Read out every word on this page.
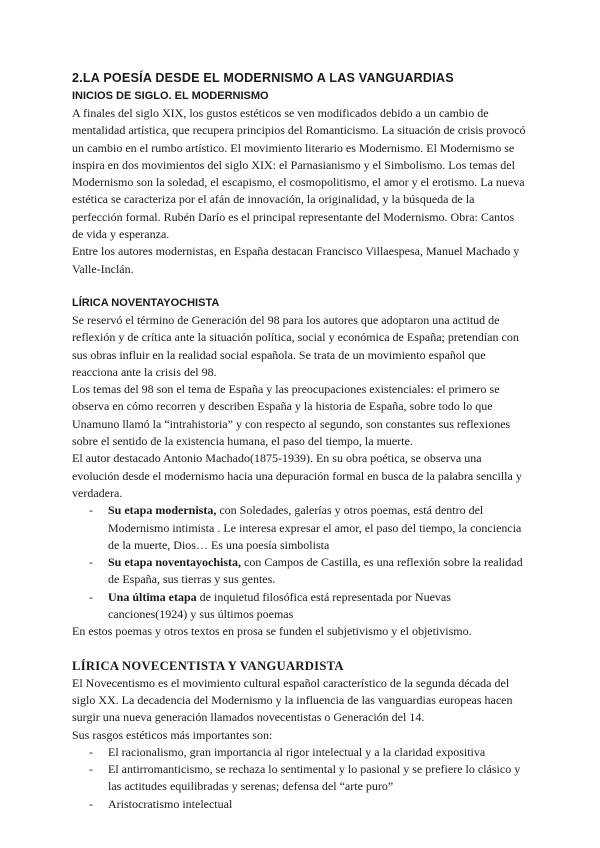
2.LA POESÍA DESDE EL MODERNISMO A LAS VANGUARDIAS
INICIOS DE SIGLO. EL MODERNISMO

A finales del siglo XIX, los gustos estéticos se ven modificados debido a un cambio de mentalidad artística, que recupera principios del Romanticismo. La situación de crisis provocó un cambio en el rumbo artístico. El movimiento literario es Modernismo. El Modernismo se inspira en dos movimientos del siglo XIX: el Parnasianismo y el Simbolismo. Los temas del Modernismo son la soledad, el escapismo, el cosmopolitismo, el amor y el erotismo. La nueva estética se caracteriza por el afán de innovación, la originalidad, y la búsqueda de la perfección formal. Rubén Darío es el principal representante del Modernismo. Obra: Cantos de vida y esperanza.

Entre los autores modernistas, en España destacan Francisco Villaespesa, Manuel Machado y Valle-Inclán.

LÍRICA NOVENTAYOCHISTA

Se reservó el término de Generación del 98 para los autores que adoptaron una actitud de reflexión y de crítica ante la situación política, social y económica de España; pretendían con sus obras influir en la realidad social española. Se trata de un movimiento español que reacciona ante la crisis del 98.

Los temas del 98 son el tema de España y las preocupaciones existenciales: el primero se observa en cómo recorren y describen España y la historia de España, sobre todo lo que Unamuno llamó la “intrahistoria” y con respecto al segundo, son constantes sus reflexiones sobre el sentido de la existencia humana, el paso del tiempo, la muerte.

El autor destacado Antonio Machado(1875-1939). En su obra poética, se observa una evolución desde el modernismo hacia una depuración formal en busca de la palabra sencilla y verdadera.

- Su etapa modernista, con Soledades, galerías y otros poemas, está dentro del Modernismo intimista . Le interesa expresar el amor, el paso del tiempo, la conciencia de la muerte, Dios… Es una poesía simbolista
- Su etapa noventayochista, con Campos de Castilla, es una reflexión sobre la realidad de España, sus tierras y sus gentes.
- Una última etapa de inquietud filosófica está representada por Nuevas canciones(1924) y sus últimos poemas

En estos poemas y otros textos en prosa se funden el subjetivismo y el objetivismo.

LÍRICA NOVECENTISTA Y VANGUARDISTA

El Novecentismo es el movimiento cultural español característico de la segunda década del siglo XX. La decadencia del Modernismo y la influencia de las vanguardias europeas hacen surgir una nueva generación llamados novecentistas o Generación del 14.

Sus rasgos estéticos más importantes son:

- El racionalismo, gran importancia al rigor intelectual y a la claridad expositiva
- El antirromanticismo, se rechaza lo sentimental y lo pasional y se prefiere lo clásico y las actitudes equilibradas y serenas; defensa del “arte puro”
- Aristocratismo intelectual
